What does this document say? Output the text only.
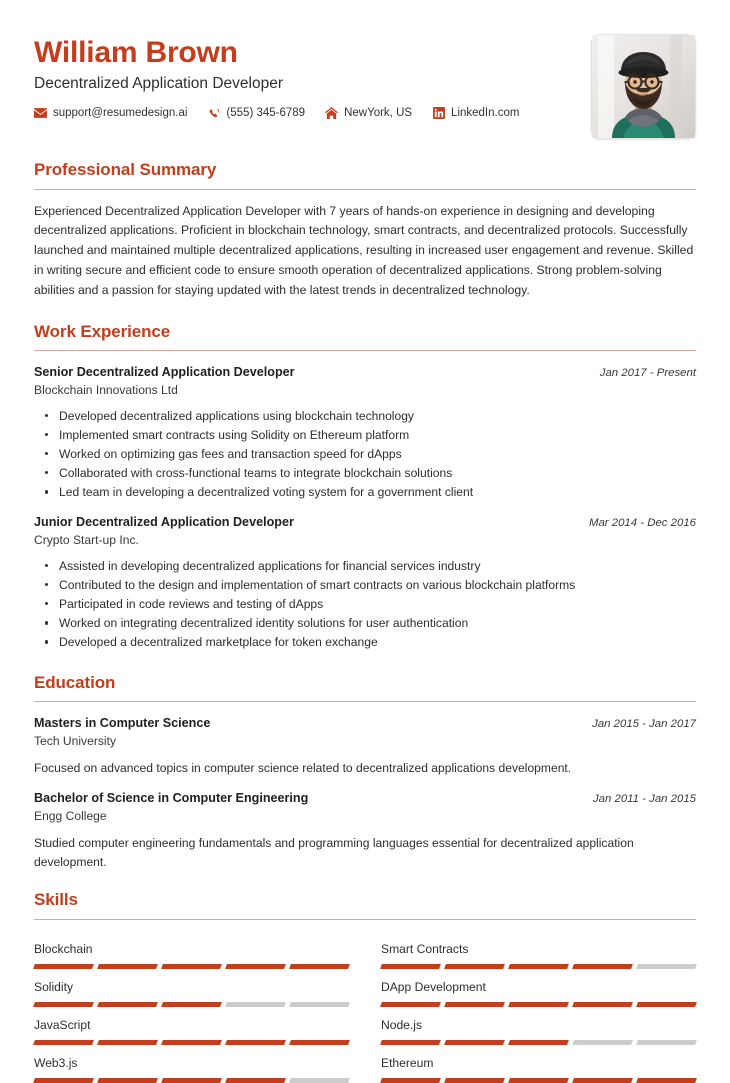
William Brown
Decentralized Application Developer
support@resumedesign.ai	(555) 345-6789	NewYork, US	LinkedIn.com
Professional Summary
Experienced Decentralized Application Developer with 7 years of hands-on experience in designing and developing decentralized applications. Proficient in blockchain technology, smart contracts, and decentralized protocols. Successfully launched and maintained multiple decentralized applications, resulting in increased user engagement and revenue. Skilled in writing secure and efficient code to ensure smooth operation of decentralized applications. Strong problem-solving abilities and a passion for staying updated with the latest trends in decentralized technology.
Work Experience
Senior Decentralized Application Developer	Jan 2017 - Present
Blockchain Innovations Ltd
Developed decentralized applications using blockchain technology
Implemented smart contracts using Solidity on Ethereum platform
Worked on optimizing gas fees and transaction speed for dApps
Collaborated with cross-functional teams to integrate blockchain solutions
Led team in developing a decentralized voting system for a government client
Junior Decentralized Application Developer	Mar 2014 - Dec 2016
Crypto Start-up Inc.
Assisted in developing decentralized applications for financial services industry
Contributed to the design and implementation of smart contracts on various blockchain platforms
Participated in code reviews and testing of dApps
Worked on integrating decentralized identity solutions for user authentication
Developed a decentralized marketplace for token exchange
Education
Masters in Computer Science	Jan 2015 - Jan 2017
Tech University
Focused on advanced topics in computer science related to decentralized applications development.
Bachelor of Science in Computer Engineering	Jan 2011 - Jan 2015
Engg College
Studied computer engineering fundamentals and programming languages essential for decentralized application development.
Skills
Blockchain	Smart Contracts
Solidity	DApp Development
JavaScript	Node.js
Web3.js	Ethereum
